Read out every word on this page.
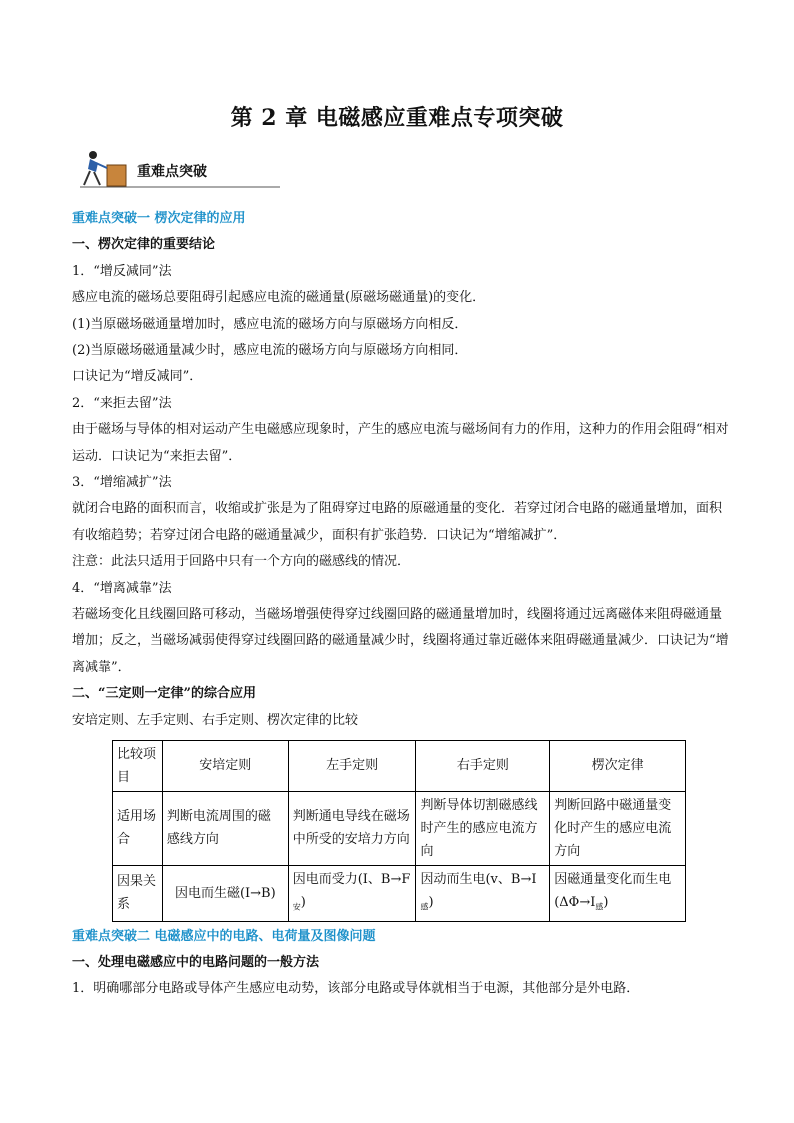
第 2 章 电磁感应重难点专项突破
重难点突破
重难点突破一 楞次定律的应用
一、楞次定律的重要结论
1．“增反减同”法
感应电流的磁场总要阻碍引起感应电流的磁通量(原磁场磁通量)的变化．
(1)当原磁场磁通量增加时，感应电流的磁场方向与原磁场方向相反．
(2)当原磁场磁通量减少时，感应电流的磁场方向与原磁场方向相同．
口诀记为“增反减同”．
2．“来拒去留”法
由于磁场与导体的相对运动产生电磁感应现象时，产生的感应电流与磁场间有力的作用，这种力的作用会阻碍“相对运动．口诀记为“来拒去留”．
3．“增缩减扩”法
就闭合电路的面积而言，收缩或扩张是为了阻碍穿过电路的原磁通量的变化．若穿过闭合电路的磁通量增加，面积有收缩趋势；若穿过闭合电路的磁通量减少，面积有扩张趋势．口诀记为“增缩减扩”．
注意：此法只适用于回路中只有一个方向的磁感线的情况．
4．“增离减靠”法
若磁场变化且线圈回路可移动，当磁场增强使得穿过线圈回路的磁通量增加时，线圈将通过远离磁体来阻碍磁通量增加；反之，当磁场减弱使得穿过线圈回路的磁通量减少时，线圈将通过靠近磁体来阻碍磁通量减少．口诀记为“增离减靠”．
二、“三定则一定律”的综合应用
安培定则、左手定则、右手定则、楞次定律的比较
比较项目	安培定则	左手定则	右手定则	楞次定律
适用场合	判断电流周围的磁感线方向	判断通电导线在磁场中所受的安培力方向	判断导体切割磁感线时产生的感应电流方向	判断回路中磁通量变化时产生的感应电流方向
因果关系	因电而生磁(I→B)	因电而受力(I、$B\to F_安$)	因动而生电(v、$B\to I_感$)	因磁通量变化而生电$(\Delta\Phi\to I_感)$
重难点突破二 电磁感应中的电路、电荷量及图像问题
一、处理电磁感应中的电路问题的一般方法
1．明确哪部分电路或导体产生感应电动势，该部分电路或导体就相当于电源，其他部分是外电路．
